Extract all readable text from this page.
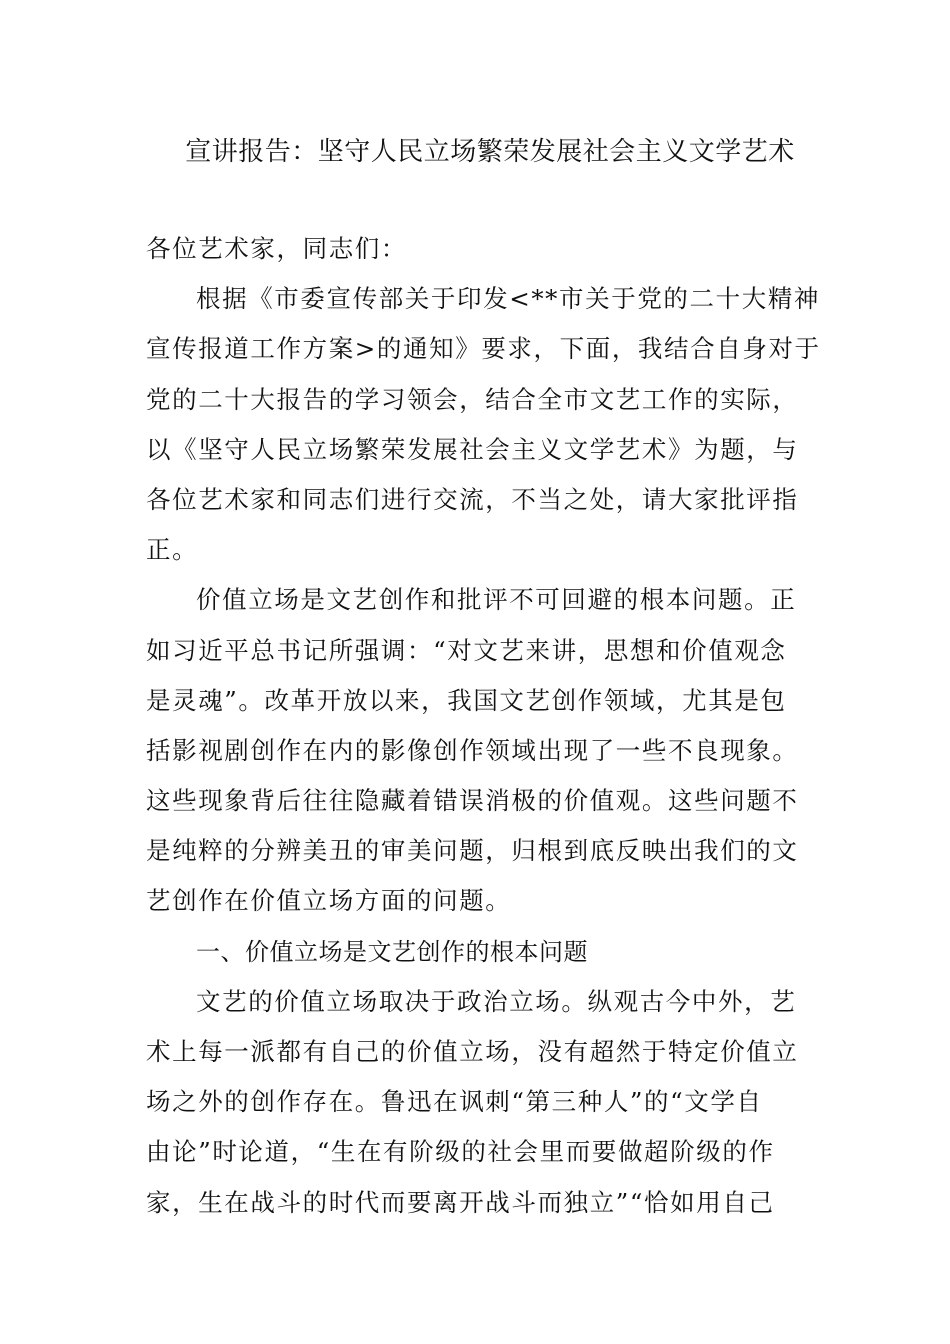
宣讲报告：坚守人民立场繁荣发展社会主义文学艺术
各位艺术家，同志们：
根据《市委宣传部关于印发<**市关于党的二十大精神
宣传报道工作方案>的通知》要求，下面，我结合自身对于
党的二十大报告的学习领会，结合全市文艺工作的实际，
以《坚守人民立场繁荣发展社会主义文学艺术》为题，与
各位艺术家和同志们进行交流，不当之处，请大家批评指
正。
价值立场是文艺创作和批评不可回避的根本问题。正
如习近平总书记所强调：“对文艺来讲，思想和价值观念
是灵魂”。改革开放以来，我国文艺创作领域，尤其是包
括影视剧创作在内的影像创作领域出现了一些不良现象。
这些现象背后往往隐藏着错误消极的价值观。这些问题不
是纯粹的分辨美丑的审美问题，归根到底反映出我们的文
艺创作在价值立场方面的问题。
一、价值立场是文艺创作的根本问题
文艺的价值立场取决于政治立场。纵观古今中外，艺
术上每一派都有自己的价值立场，没有超然于特定价值立
场之外的创作存在。鲁迅在讽刺“第三种人”的“文学自
由论”时论道，“生在有阶级的社会里而要做超阶级的作
家，生在战斗的时代而要离开战斗而独立”“恰如用自己
